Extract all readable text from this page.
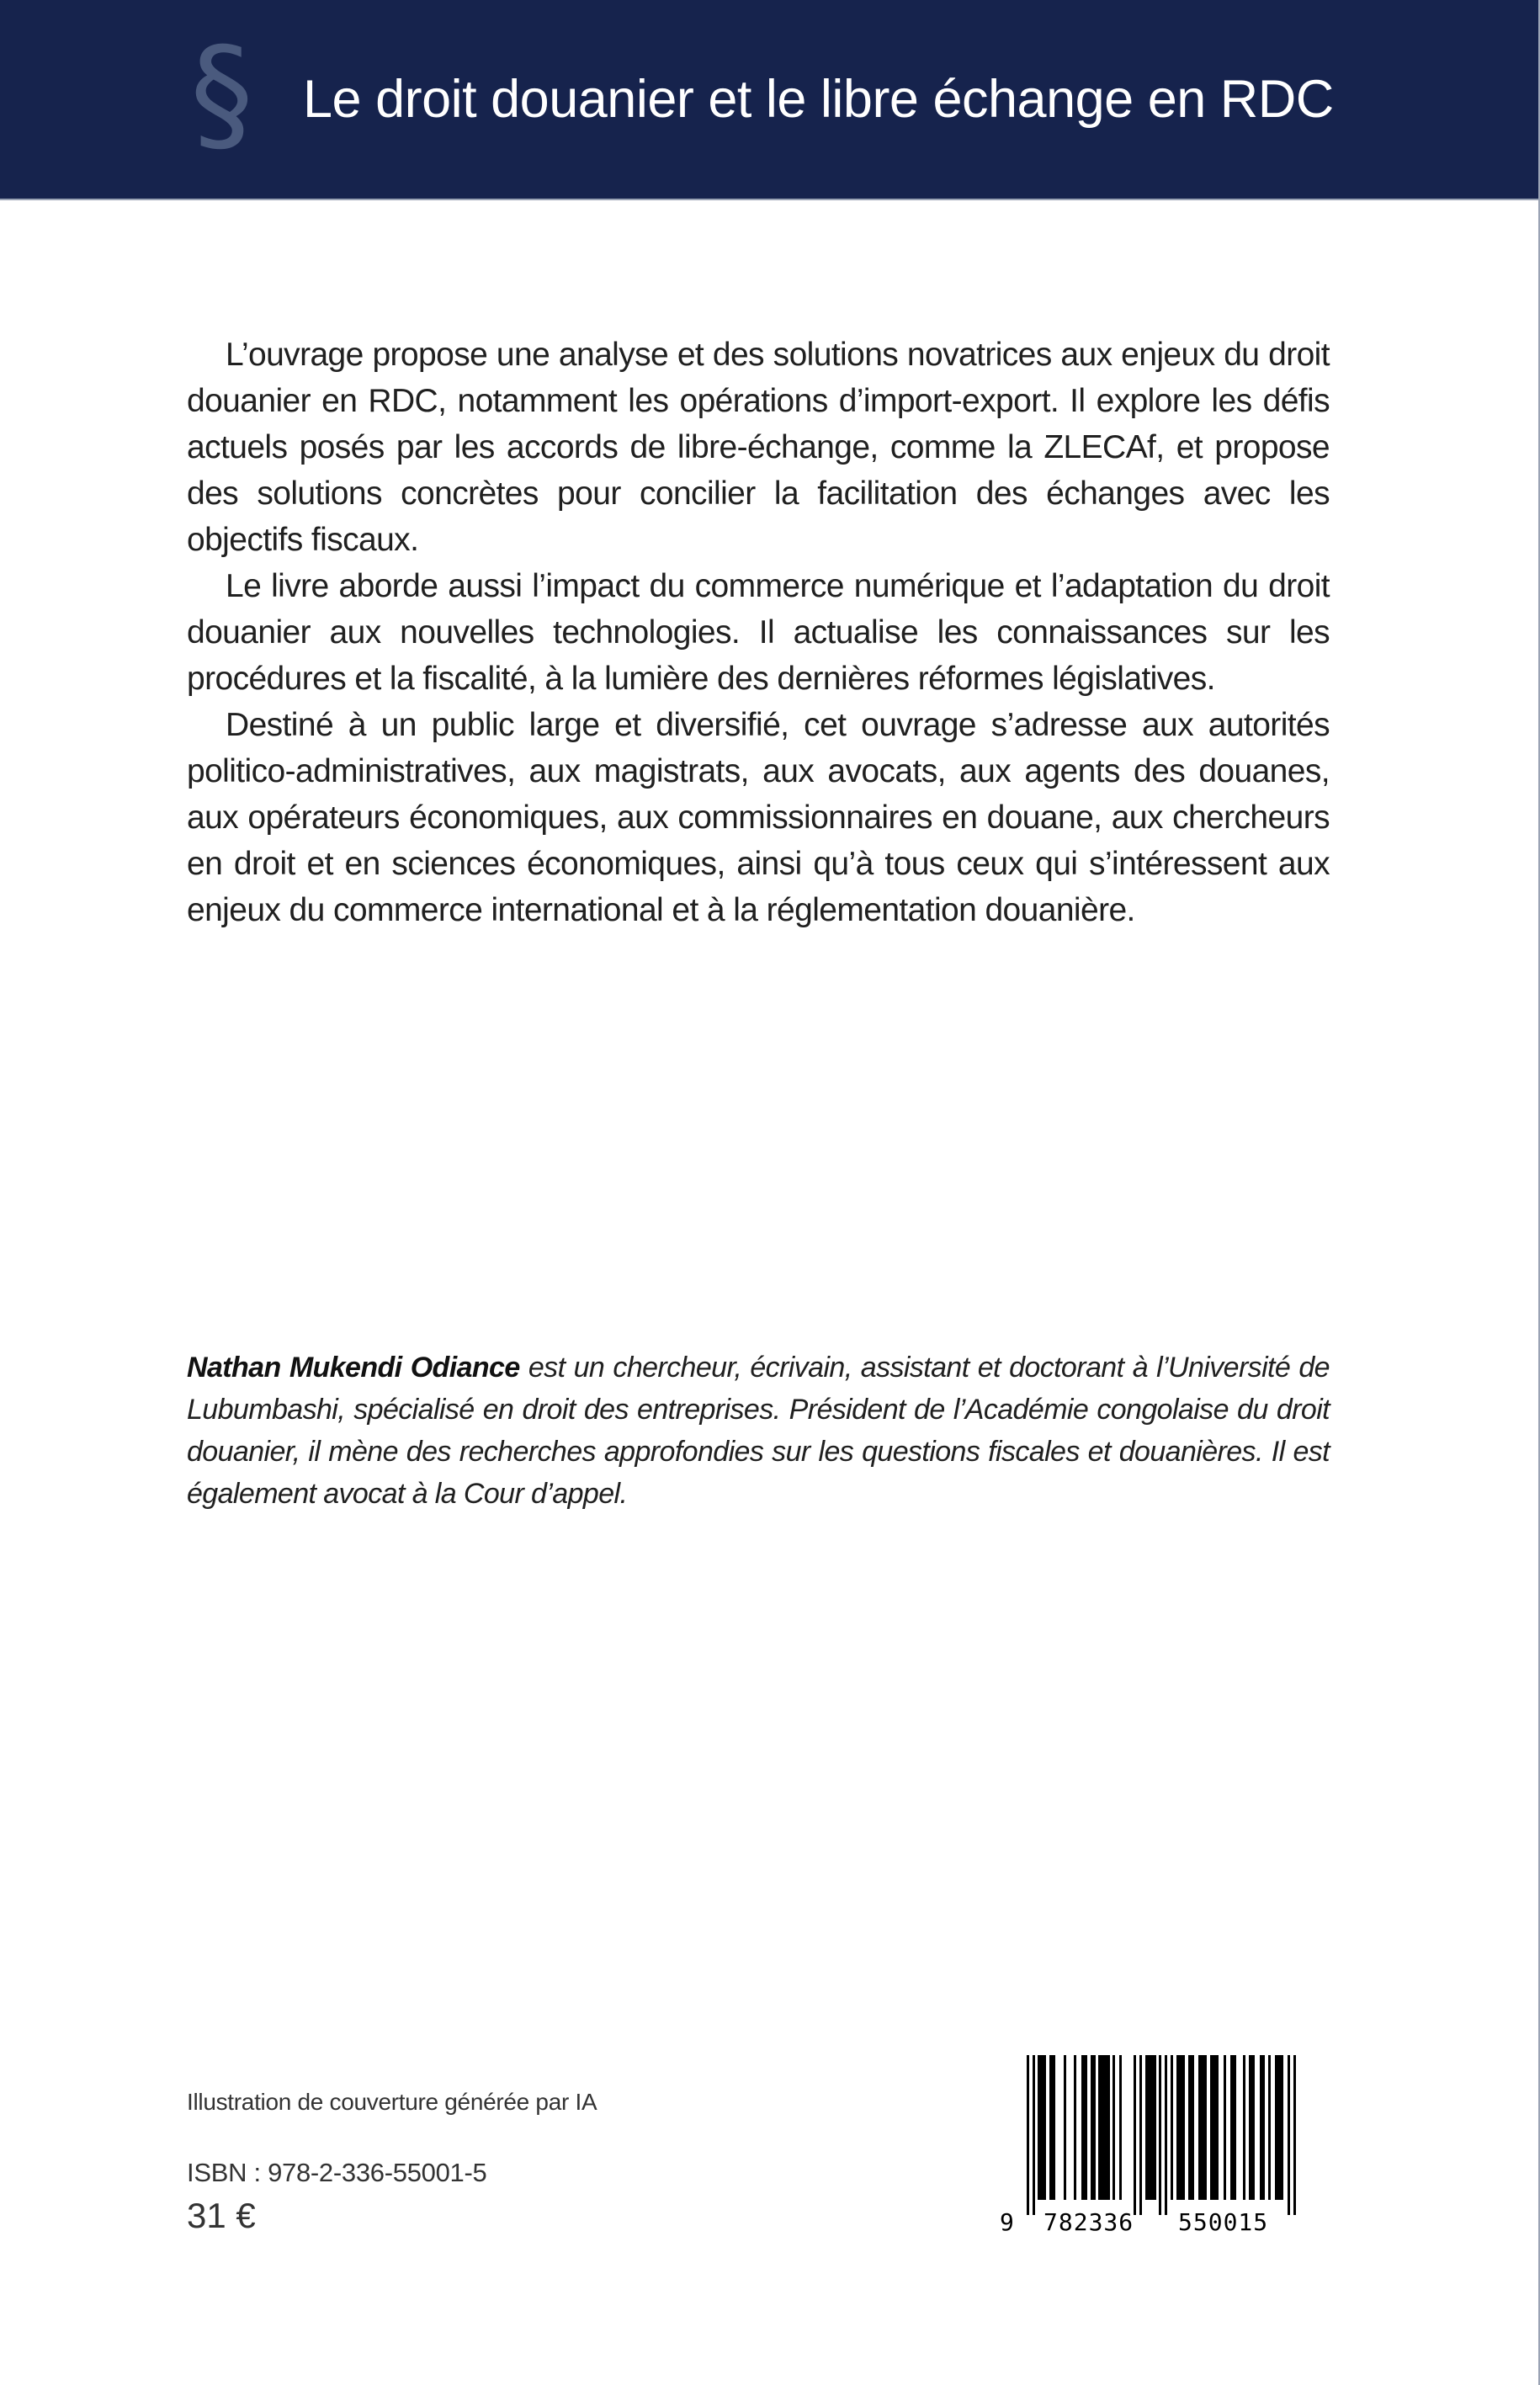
§ Le droit douanier et le libre échange en RDC

L’ouvrage propose une analyse et des solutions novatrices aux enjeux du droit douanier en RDC, notamment les opérations d’import-export. Il explore les défis actuels posés par les accords de libre-échange, comme la ZLECAf, et propose des solutions concrètes pour concilier la facilitation des échanges avec les objectifs fiscaux.

Le livre aborde aussi l’impact du commerce numérique et l’adaptation du droit douanier aux nouvelles technologies. Il actualise les connaissances sur les procédures et la fiscalité, à la lumière des dernières réformes législatives.

Destiné à un public large et diversifié, cet ouvrage s’adresse aux autorités politico-administratives, aux magistrats, aux avocats, aux agents des douanes, aux opérateurs économiques, aux commissionnaires en douane, aux chercheurs en droit et en sciences économiques, ainsi qu’à tous ceux qui s’intéressent aux enjeux du commerce international et à la réglementation douanière.

Nathan Mukendi Odiance est un chercheur, écrivain, assistant et doctorant à l’Université de Lubumbashi, spécialisé en droit des entreprises. Président de l’Académie congolaise du droit douanier, il mène des recherches approfondies sur les questions fiscales et douanières. Il est également avocat à la Cour d’appel.
Illustration de couverture générée par IA
ISBN : 978-2-336-55001-5
31 €	9 782336 550015
